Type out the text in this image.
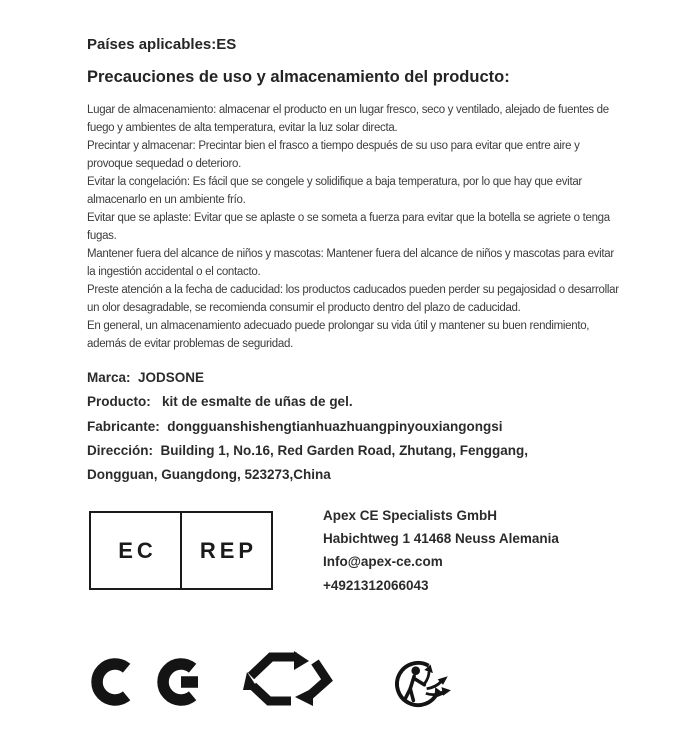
Países aplicables:ES
Precauciones de uso y almacenamiento del producto:
Lugar de almacenamiento: almacenar el producto en un lugar fresco, seco y ventilado, alejado de fuentes de
fuego y ambientes de alta temperatura, evitar la luz solar directa.
Precintar y almacenar: Precintar bien el frasco a tiempo después de su uso para evitar que entre aire y
provoque sequedad o deterioro.
Evitar la congelación: Es fácil que se congele y solidifique a baja temperatura, por lo que hay que evitar
almacenarlo en un ambiente frío.
Evitar que se aplaste: Evitar que se aplaste o se someta a fuerza para evitar que la botella se agriete o tenga
fugas.
Mantener fuera del alcance de niños y mascotas: Mantener fuera del alcance de niños y mascotas para evitar
la ingestión accidental o el contacto.
Preste atención a la fecha de caducidad: los productos caducados pueden perder su pegajosidad o desarrollar
un olor desagradable, se recomienda consumir el producto dentro del plazo de caducidad.
En general, un almacenamiento adecuado puede prolongar su vida útil y mantener su buen rendimiento,
además de evitar problemas de seguridad.
Marca:  JODSONE
Producto:   kit de esmalte de uñas de gel.
Fabricante:  dongguanshishengtianhuazhuangpinyouxiangongsi
Dirección:  Building 1, No.16, Red Garden Road, Zhutang, Fenggang,
Dongguan, Guangdong, 523273,China
EC	REP
Apex CE Specialists GmbH
Habichtweg 1 41468 Neuss Alemania
Info@apex-ce.com
+4921312066043
